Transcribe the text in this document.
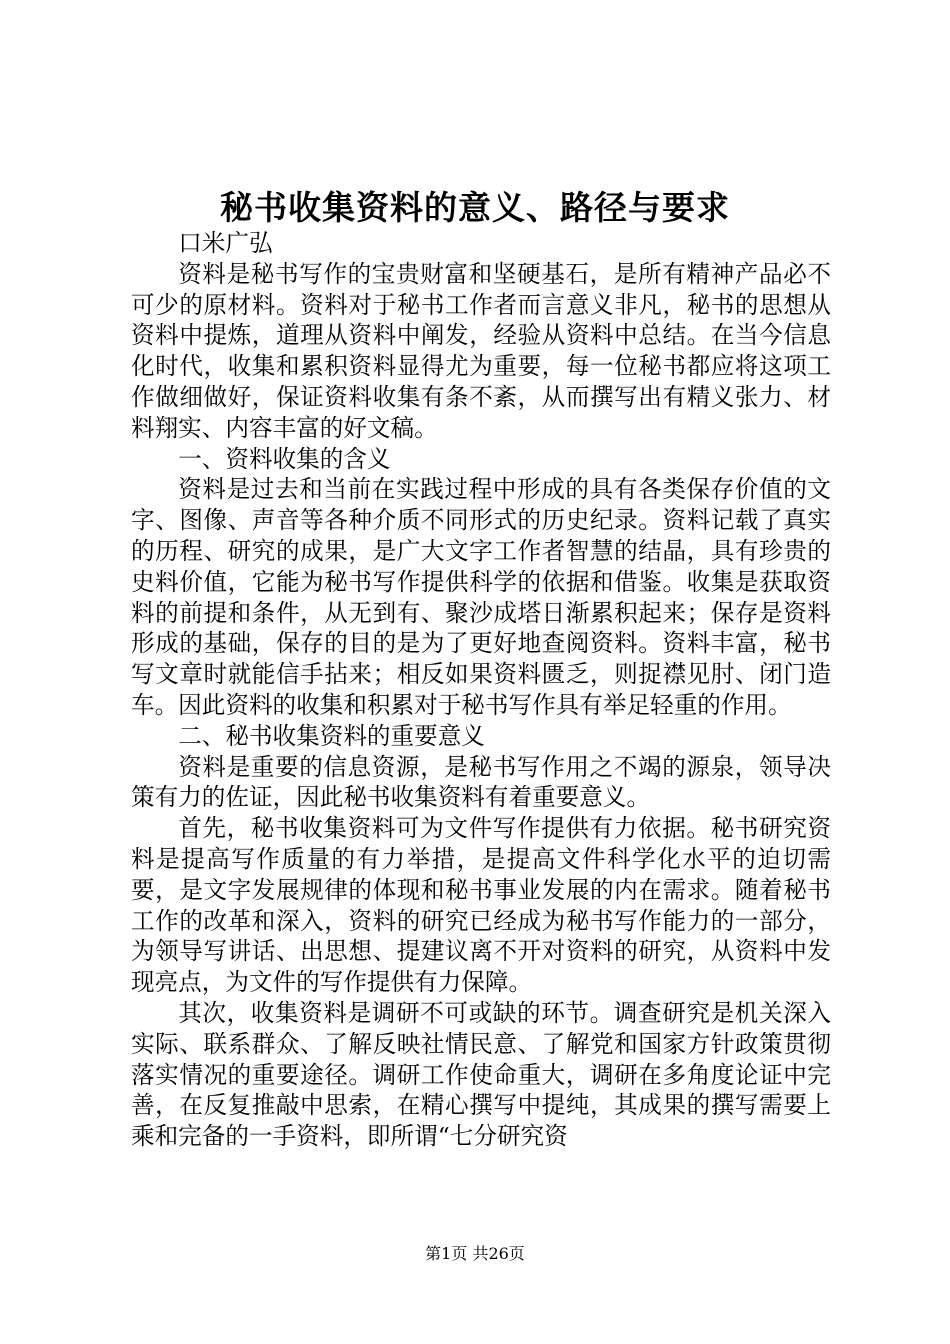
秘书收集资料的意义、路径与要求

口米广弘

资料是秘书写作的宝贵财富和坚硬基石，是所有精神产品必不可少的原材料。资料对于秘书工作者而言意义非凡，秘书的思想从资料中提炼，道理从资料中阐发，经验从资料中总结。在当今信息化时代，收集和累积资料显得尤为重要，每一位秘书都应将这项工作做细做好，保证资料收集有条不紊，从而撰写出有精义张力、材料翔实、内容丰富的好文稿。

一、资料收集的含义

资料是过去和当前在实践过程中形成的具有各类保存价值的文字、图像、声音等各种介质不同形式的历史纪录。资料记载了真实的历程、研究的成果，是广大文字工作者智慧的结晶，具有珍贵的史料价值，它能为秘书写作提供科学的依据和借鉴。收集是获取资料的前提和条件，从无到有、聚沙成塔日渐累积起来；保存是资料形成的基础，保存的目的是为了更好地查阅资料。资料丰富，秘书写文章时就能信手拈来；相反如果资料匮乏，则捉襟见肘、闭门造车。因此资料的收集和积累对于秘书写作具有举足轻重的作用。

二、秘书收集资料的重要意义

资料是重要的信息资源，是秘书写作用之不竭的源泉，领导决策有力的佐证，因此秘书收集资料有着重要意义。

首先，秘书收集资料可为文件写作提供有力依据。秘书研究资料是提高写作质量的有力举措，是提高文件科学化水平的迫切需要，是文字发展规律的体现和秘书事业发展的内在需求。随着秘书工作的改革和深入，资料的研究已经成为秘书写作能力的一部分，为领导写讲话、出思想、提建议离不开对资料的研究，从资料中发现亮点，为文件的写作提供有力保障。

其次，收集资料是调研不可或缺的环节。调查研究是机关深入实际、联系群众、了解反映社情民意、了解党和国家方针政策贯彻落实情况的重要途径。调研工作使命重大，调研在多角度论证中完善，在反复推敲中思索，在精心撰写中提纯，其成果的撰写需要上乘和完备的一手资料，即所谓“七分研究资

第1页 共26页
